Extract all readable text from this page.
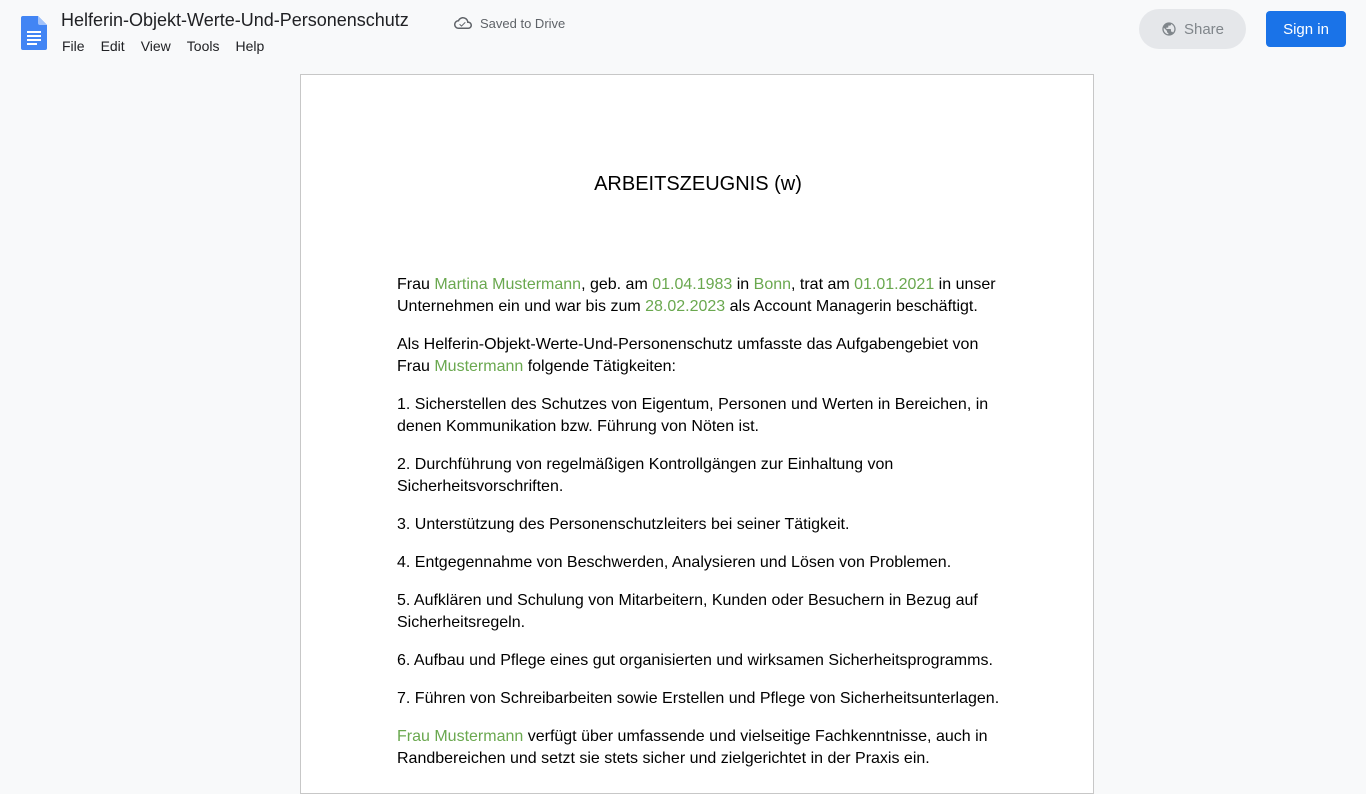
Helferin-Objekt-Werte-Und-Personenschutz	Saved to Drive
File	Edit	View	Tools	Help
Share	Sign in
ARBEITSZEUGNIS (w)

Frau Martina Mustermann, geb. am 01.04.1983 in Bonn, trat am 01.01.2021 in unser Unternehmen ein und war bis zum 28.02.2023 als Account Managerin beschäftigt.

Als Helferin-Objekt-Werte-Und-Personenschutz umfasste das Aufgabengebiet von Frau Mustermann folgende Tätigkeiten:

1. Sicherstellen des Schutzes von Eigentum, Personen und Werten in Bereichen, in denen Kommunikation bzw. Führung von Nöten ist.

2. Durchführung von regelmäßigen Kontrollgängen zur Einhaltung von Sicherheitsvorschriften.

3. Unterstützung des Personenschutzleiters bei seiner Tätigkeit.

4. Entgegennahme von Beschwerden, Analysieren und Lösen von Problemen.

5. Aufklären und Schulung von Mitarbeitern, Kunden oder Besuchern in Bezug auf Sicherheitsregeln.

6. Aufbau und Pflege eines gut organisierten und wirksamen Sicherheitsprogramms.

7. Führen von Schreibarbeiten sowie Erstellen und Pflege von Sicherheitsunterlagen.

Frau Mustermann verfügt über umfassende und vielseitige Fachkenntnisse, auch in Randbereichen und setzt sie stets sicher und zielgerichtet in der Praxis ein.
